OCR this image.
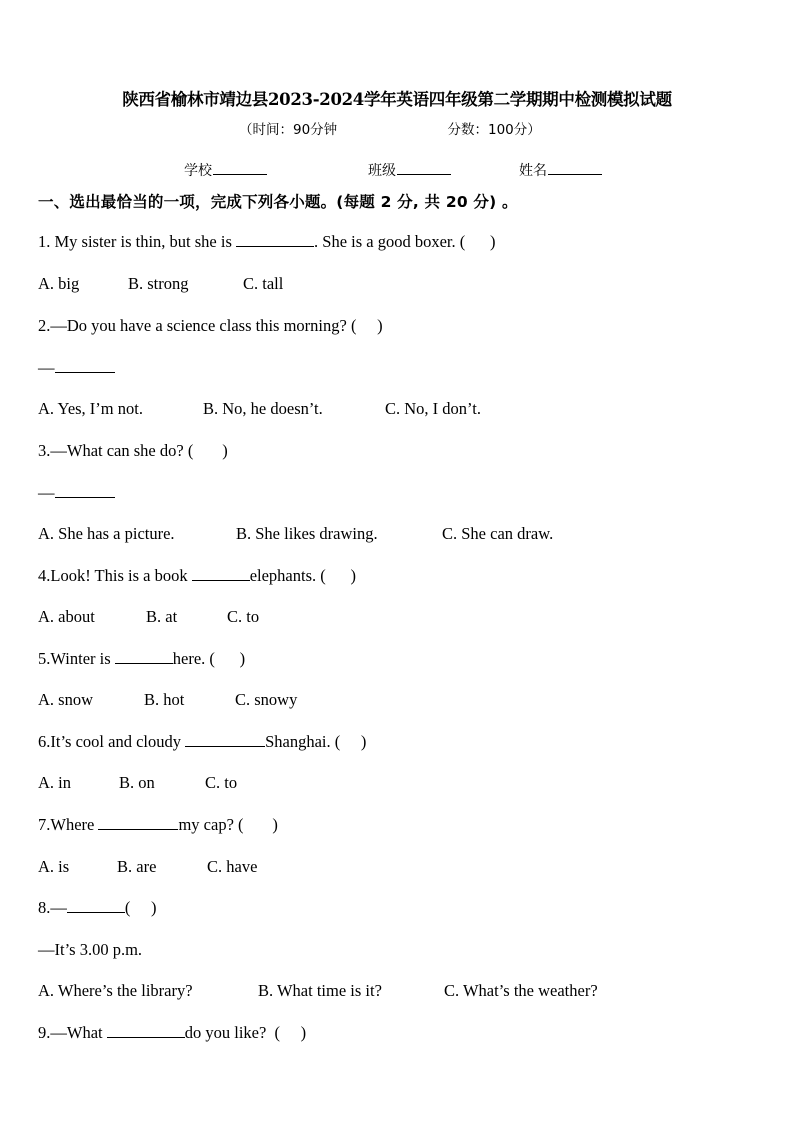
陕西省榆林市靖边县2023-2024学年英语四年级第二学期期中检测模拟试题
（时间：90分钟	分数：100分）
学校	班级	姓名
一、选出最恰当的一项，完成下列各小题。(每题 2 分, 共 20 分) 。
1. My sister is thin, but she is	. She is a good boxer. (      )
A. big	B. strong	C. tall
2.—Do you have a science class this morning? (     )
—
A. Yes, I’m not.	B. No, he doesn’t.	C. No, I don’t.
3.—What can she do? (       )
—
A. She has a picture.	B. She likes drawing.	C. She can draw.
4.Look! This is a book	elephants. (      )
A. about	B. at	C. to
5.Winter is	here. (      )
A. snow	B. hot	C. snowy
6.It’s cool and cloudy	Shanghai. (     )
A. in	B. on	C. to
7.Where	my cap? (       )
A. is	B. are	C. have
8.—	(     )
—It’s 3.00 p.m.
A. Where’s the library?	B. What time is it?	C. What’s the weather?
9.—What	do you like?  (     )
